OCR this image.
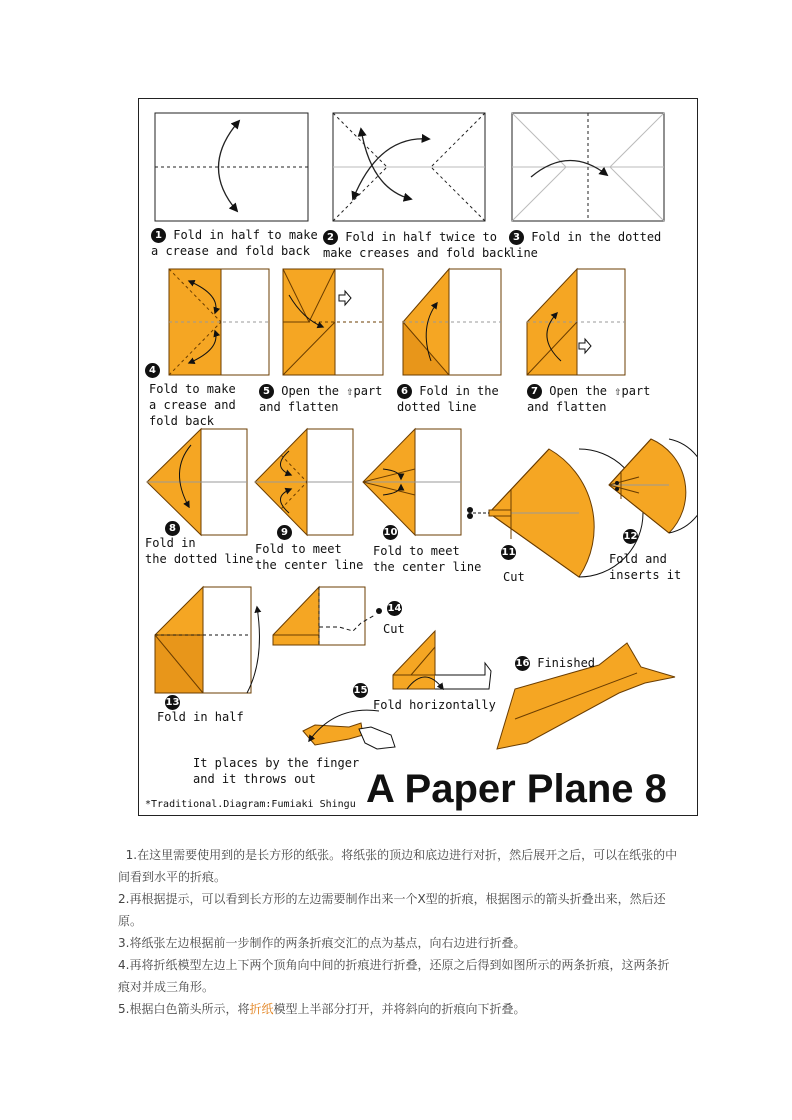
1 Fold in half to make
a crease and fold back
2 Fold in half twice to
make creases and fold back
3 Fold in the dotted line
4
Fold to make
a crease and
fold back
5 Open the ⇧part
and flatten
6 Fold in the
dotted line
7 Open the ⇧part
and flatten
8
Fold in
the dotted line
9
Fold to meet
the center line
10
Fold to meet
the center line
11
Cut
12
Fold and
inserts it
13
Fold in half
14
Cut
15
Fold horizontally
16 Finished
It places by the finger
and it throws out	A Paper Plane 8
*Traditional.Diagram:Fumiaki Shingu

1.在这里需要使用到的是长方形的纸张。将纸张的顶边和底边进行对折，然后展开之后，可以在纸张的中间看到水平的折痕。

2.再根据提示，可以看到长方形的左边需要制作出来一个X型的折痕，根据图示的箭头折叠出来，然后还原。

3.将纸张左边根据前一步制作的两条折痕交汇的点为基点，向右边进行折叠。

4.再将折纸模型左边上下两个顶角向中间的折痕进行折叠，还原之后得到如图所示的两条折痕，这两条折痕对并成三角形。

5.根据白色箭头所示，将折纸模型上半部分打开，并将斜向的折痕向下折叠。
